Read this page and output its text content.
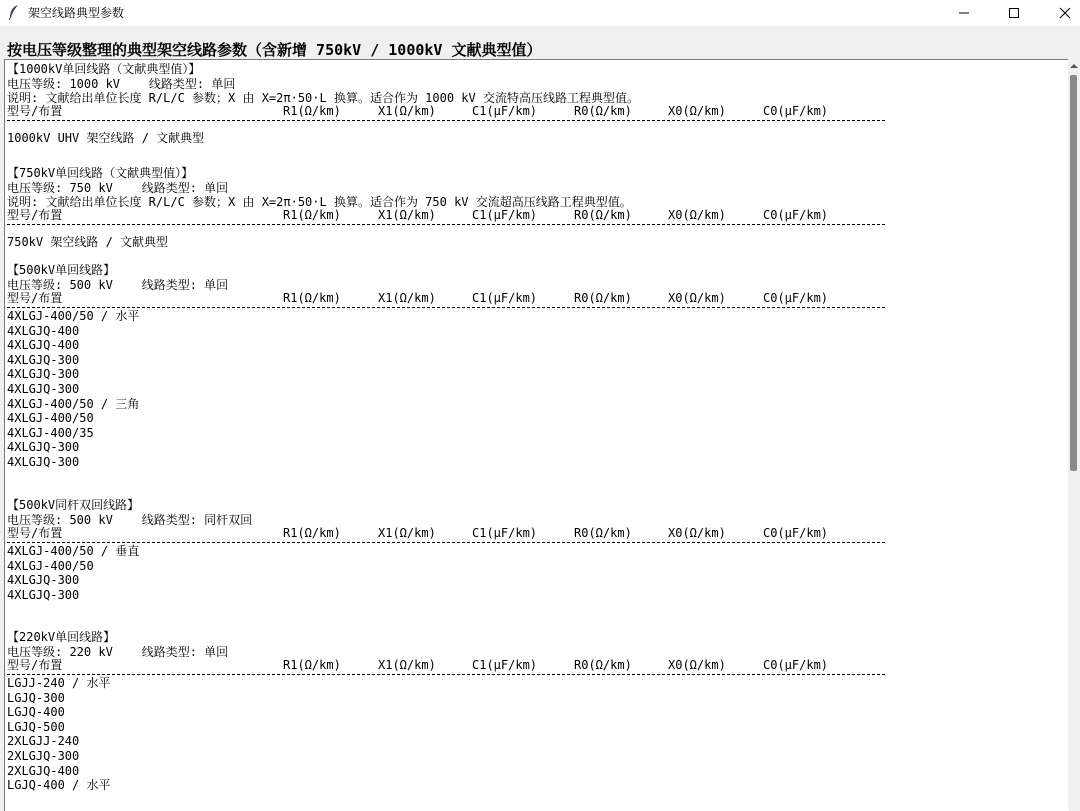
架空线路典型参数
按电压等级整理的典型架空线路参数（含新增 750kV / 1000kV 文献典型值）
【1000kV单回线路（文献典型值）】
电压等级: 1000 kV    线路类型: 单回
说明: 文献给出单位长度 R/L/C 参数；X 由 X=2π·50·L 换算。适合作为 1000 kV 交流特高压线路工程典型值。
型号/布置	R1(Ω/km)	X1(Ω/km)	C1(μF/km)	R0(Ω/km)	X0(Ω/km)	C0(μF/km)
1000kV UHV 架空线路 / 文献典型
【750kV单回线路（文献典型值）】
电压等级: 750 kV    线路类型: 单回
说明: 文献给出单位长度 R/L/C 参数；X 由 X=2π·50·L 换算。适合作为 750 kV 交流超高压线路工程典型值。
型号/布置	R1(Ω/km)	X1(Ω/km)	C1(μF/km)	R0(Ω/km)	X0(Ω/km)	C0(μF/km)
750kV 架空线路 / 文献典型
【500kV单回线路】
电压等级: 500 kV    线路类型: 单回
型号/布置	R1(Ω/km)	X1(Ω/km)	C1(μF/km)	R0(Ω/km)	X0(Ω/km)	C0(μF/km)
4XLGJ-400/50 / 水平
4XLGJQ-400
4XLGJQ-400
4XLGJQ-300
4XLGJQ-300
4XLGJQ-300
4XLGJ-400/50 / 三角
4XLGJ-400/50
4XLGJ-400/35
4XLGJQ-300
4XLGJQ-300
【500kV同杆双回线路】
电压等级: 500 kV    线路类型: 同杆双回
型号/布置	R1(Ω/km)	X1(Ω/km)	C1(μF/km)	R0(Ω/km)	X0(Ω/km)	C0(μF/km)
4XLGJ-400/50 / 垂直
4XLGJ-400/50
4XLGJQ-300
4XLGJQ-300
【220kV单回线路】
电压等级: 220 kV    线路类型: 单回
型号/布置	R1(Ω/km)	X1(Ω/km)	C1(μF/km)	R0(Ω/km)	X0(Ω/km)	C0(μF/km)
LGJJ-240 / 水平
LGJQ-300
LGJQ-400
LGJQ-500
2XLGJJ-240
2XLGJQ-300
2XLGJQ-400
LGJQ-400 / 水平
